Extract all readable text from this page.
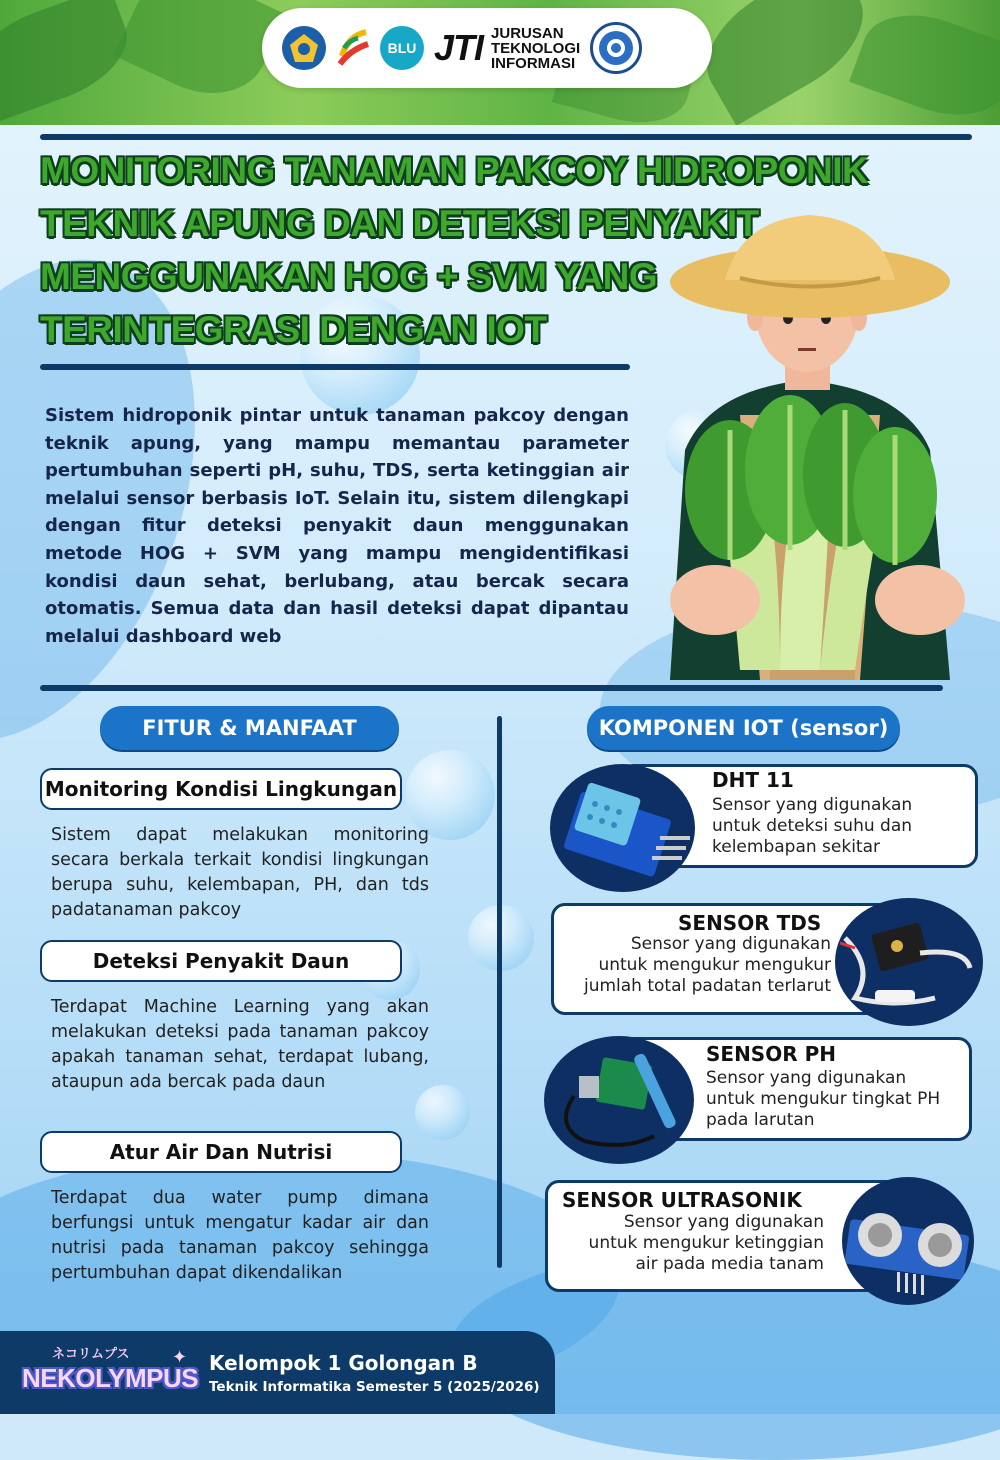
BLU JTI JURUSAN
TEKNOLOGI
INFORMASI
MONITORING TANAMAN PAKCOY HIDROPONIK
TEKNIK APUNG DAN DETEKSI PENYAKIT
MENGGUNAKAN HOG + SVM YANG
TERINTEGRASI DENGAN IOT
Sistem hidroponik pintar untuk tanaman pakcoy dengan teknik apung, yang mampu memantau parameter pertumbuhan seperti pH, suhu, TDS, serta ketinggian air melalui sensor berbasis IoT. Selain itu, sistem dilengkapi dengan fitur deteksi penyakit daun menggunakan metode HOG + SVM yang mampu mengidentifikasi kondisi daun sehat, berlubang, atau bercak secara otomatis. Semua data dan hasil deteksi dapat dipantau melalui dashboard web
FITUR & MANFAAT
Monitoring Kondisi Lingkungan
Sistem dapat melakukan monitoring secara berkala terkait kondisi lingkungan berupa suhu, kelembapan, PH, dan tds padatanaman pakcoy
Deteksi Penyakit Daun
Terdapat Machine Learning yang akan melakukan deteksi pada tanaman pakcoy apakah tanaman sehat, terdapat lubang, ataupun ada bercak pada daun
Atur Air Dan Nutrisi
Terdapat dua water pump dimana berfungsi untuk mengatur kadar air dan nutrisi pada tanaman pakcoy sehingga pertumbuhan dapat dikendalikan
KOMPONEN IOT (sensor)
DHT 11
Sensor yang digunakan
untuk deteksi suhu dan
kelembapan sekitar
SENSOR TDS
Sensor yang digunakan
untuk mengukur mengukur
jumlah total padatan terlarut
SENSOR PH
Sensor yang digunakan
untuk mengukur tingkat PH
pada larutan
SENSOR ULTRASONIK
Sensor yang digunakan
untuk mengukur ketinggian
air pada media tanam
ネコリムプス
NEKOLYMPUS
✦ Kelompok 1 Golongan B
Teknik Informatika Semester 5 (2025/2026)
